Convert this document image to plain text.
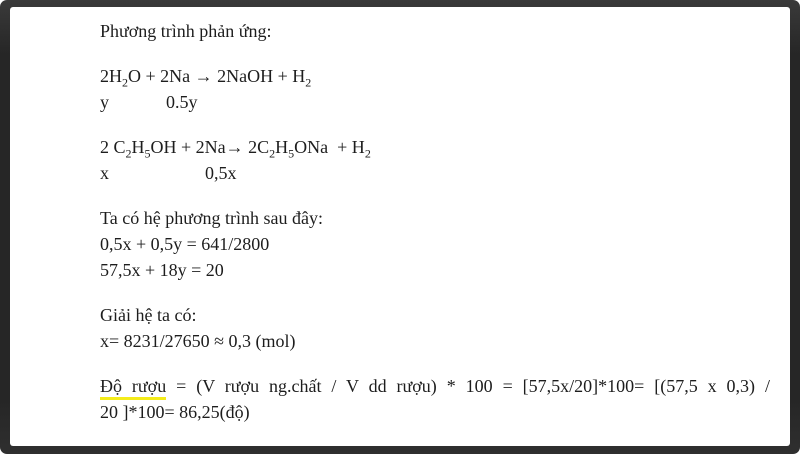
Phương trình phản ứng:
$2H_2O + 2Na$ → 2NaOH + $H_2$
y	0.5y
2 $C_2H_5OH + 2Na\to 2C_2H_5ONa + H_2$
x	0,5x
Ta có hệ phương trình sau đây:
0,5x + 0,5y = 641/2800
57,5x + 18y = 20
Giải hệ ta có:
x= 8231/27650 ≈ 0,3 (mol)
Độ rượu = (V rượu ng.chất / V dd rượu) * 100 = [57,5x/20]*100= [(57,5 x 0,3) /
20 ]*100= 86,25(độ)
